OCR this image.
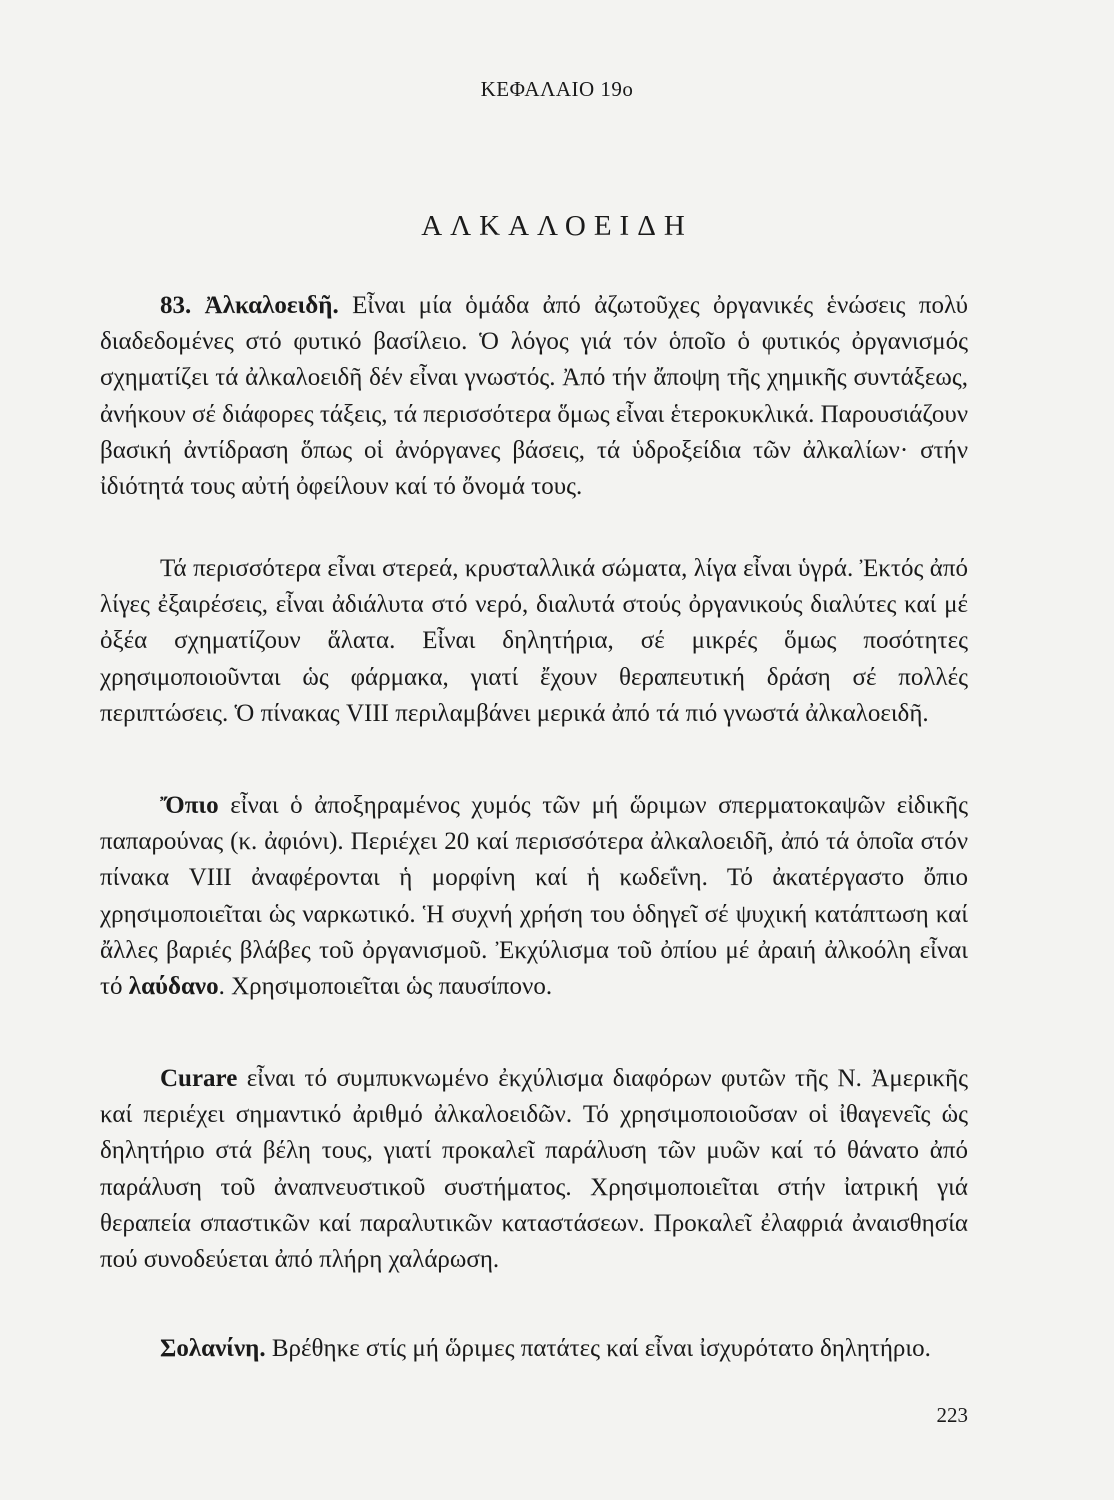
ΚΕΦΑΛΑΙΟ 19ο
ΑΛΚΑΛΟΕΙΔΗ

83. Ἀλκαλοειδῆ. Εἶναι μία ὁμάδα ἀπό ἀζωτοῦχες ὀργανικές ἑνώσεις πολύ διαδεδομένες στό φυτικό βασίλειο. Ὁ λόγος γιά τόν ὁποῖο ὁ φυτικός ὀργανισμός σχηματίζει τά ἀλκαλοειδῆ δέν εἶναι γνωστός. Ἀπό τήν ἄποψη τῆς χημικῆς συντάξεως, ἀνήκουν σέ διάφορες τάξεις, τά περισσότερα ὅμως εἶναι ἑτεροκυκλικά. Παρουσιάζουν βασική ἀντίδραση ὅπως οἱ ἀνόργανες βάσεις, τά ὑδροξείδια τῶν ἀλκαλίων· στήν ἰδιότητά τους αὐτή ὀφείλουν καί τό ὄνομά τους.

Τά περισσότερα εἶναι στερεά, κρυσταλλικά σώματα, λίγα εἶναι ὑγρά. Ἐκτός ἀπό λίγες ἐξαιρέσεις, εἶναι ἀδιάλυτα στό νερό, διαλυτά στούς ὀργανικούς διαλύτες καί μέ ὀξέα σχηματίζουν ἅλατα. Εἶναι δηλητήρια, σέ μικρές ὅμως ποσότητες χρησιμοποιοῦνται ὡς φάρμακα, γιατί ἔχουν θεραπευτική δράση σέ πολλές περιπτώσεις. Ὁ πίνακας VIII περιλαμβάνει μερικά ἀπό τά πιό γνωστά ἀλκαλοειδῆ.

Ὄπιο εἶναι ὁ ἀποξηραμένος χυμός τῶν μή ὥριμων σπερματοκαψῶν εἰδικῆς παπαρούνας (κ. ἀφιόνι). Περιέχει 20 καί περισσότερα ἀλκαλοειδῆ, ἀπό τά ὁποῖα στόν πίνακα VIII ἀναφέρονται ἡ μορφίνη καί ἡ κωδεΐνη. Τό ἀκατέργαστο ὄπιο χρησιμοποιεῖται ὡς ναρκωτικό. Ἡ συχνή χρήση του ὁδηγεῖ σέ ψυχική κατάπτωση καί ἄλλες βαριές βλάβες τοῦ ὀργανισμοῦ. Ἐκχύλισμα τοῦ ὀπίου μέ ἀραιή ἀλκοόλη εἶναι τό λαύδανο. Χρησιμοποιεῖται ὡς παυσίπονο.

Curare εἶναι τό συμπυκνωμένο ἐκχύλισμα διαφόρων φυτῶν τῆς Ν. Ἀμερικῆς καί περιέχει σημαντικό ἀριθμό ἀλκαλοειδῶν. Τό χρησιμοποιοῦσαν οἱ ἰθαγενεῖς ὡς δηλητήριο στά βέλη τους, γιατί προκαλεῖ παράλυση τῶν μυῶν καί τό θάνατο ἀπό παράλυση τοῦ ἀναπνευστικοῦ συστήματος. Χρησιμοποιεῖται στήν ἰατρική γιά θεραπεία σπαστικῶν καί παραλυτικῶν καταστάσεων. Προκαλεῖ ἐλαφριά ἀναισθησία πού συνοδεύεται ἀπό πλήρη χαλάρωση.

Σολανίνη. Βρέθηκε στίς μή ὥριμες πατάτες καί εἶναι ἰσχυρότατο δηλητήριο.

223
